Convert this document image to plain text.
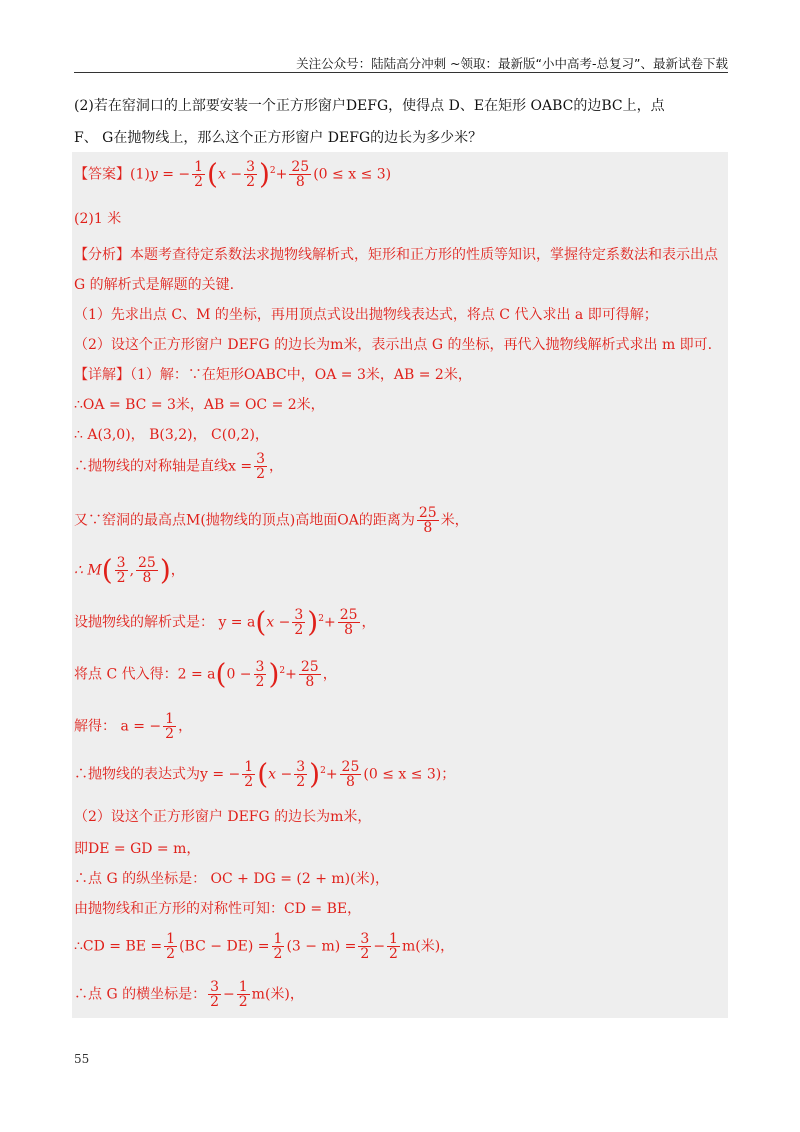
关注公众号：陆陆高分冲刺 ~领取：最新版“小中高考-总复习”、最新试卷下载
(2)若在窑洞口的上部要安装一个正方形窗户DEFG，使得点 D、E在矩形 OABC的边BC上，点
F、 G在抛物线上，那么这个正方形窗户 DEFG的边长为多少米？
【答案】(1)y = − $\frac{1}{2} (x - \frac{3}{2} )^2+ \frac{25}{8} (0 \le x \le 3)$
(2)1 米
【分析】本题考查待定系数法求抛物线解析式，矩形和正方形的性质等知识，掌握待定系数法和表示出点
G 的解析式是解题的关键.
（1）先求出点 C、M 的坐标，再用顶点式设出抛物线表达式，将点 C 代入求出 a 即可得解；
（2）设这个正方形窗户 DEFG 的边长为m米，表示出点 G 的坐标，再代入抛物线解析式求出 m 即可.
【详解】（1）解：∵在矩形OABC中，OA = 3米，AB = 2米，
∴OA = BC = 3米，AB = OC = 2米，
∴ A(3,0)， B(3,2)， C(0,2)，
∴抛物线的对称轴是直线$x = \frac{3}{2}$ ，
又∵窑洞的最高点M(抛物线的顶点)高地面OA的距离为 $\frac{25}{8}$ 米，
∴ $M( \frac{3}{2}$ , $\frac{25}{8}$ )，
设抛物线的解析式是： $y = a(x - \frac{3}{2} )^2+ \frac{25}{8}$ ，
将点 C 代入得：$2 = a(0 - \frac{3}{2} )^2+ \frac{25}{8}$ ，
解得： a = − $\frac{1}{2}$ ，
∴抛物线的表达式为y = − $\frac{1}{2} (x - \frac{3}{2} )^2+ \frac{25}{8} (0 \le x \le 3)$；
（2）设这个正方形窗户 DEFG 的边长为m米，
即DE = GD = m，
∴点 G 的纵坐标是： OC + DG = (2 + m)(米)，
由抛物线和正方形的对称性可知：CD = BE，
∴CD = BE = $\frac{1}{2} (BC - DE) = \frac{1}{2} (3 - m) = \frac{3}{2} - \frac{1}{2} m$(米)，
∴点 G 的横坐标是： $\frac{3}{2} - \frac{1}{2} m$(米)，
55
